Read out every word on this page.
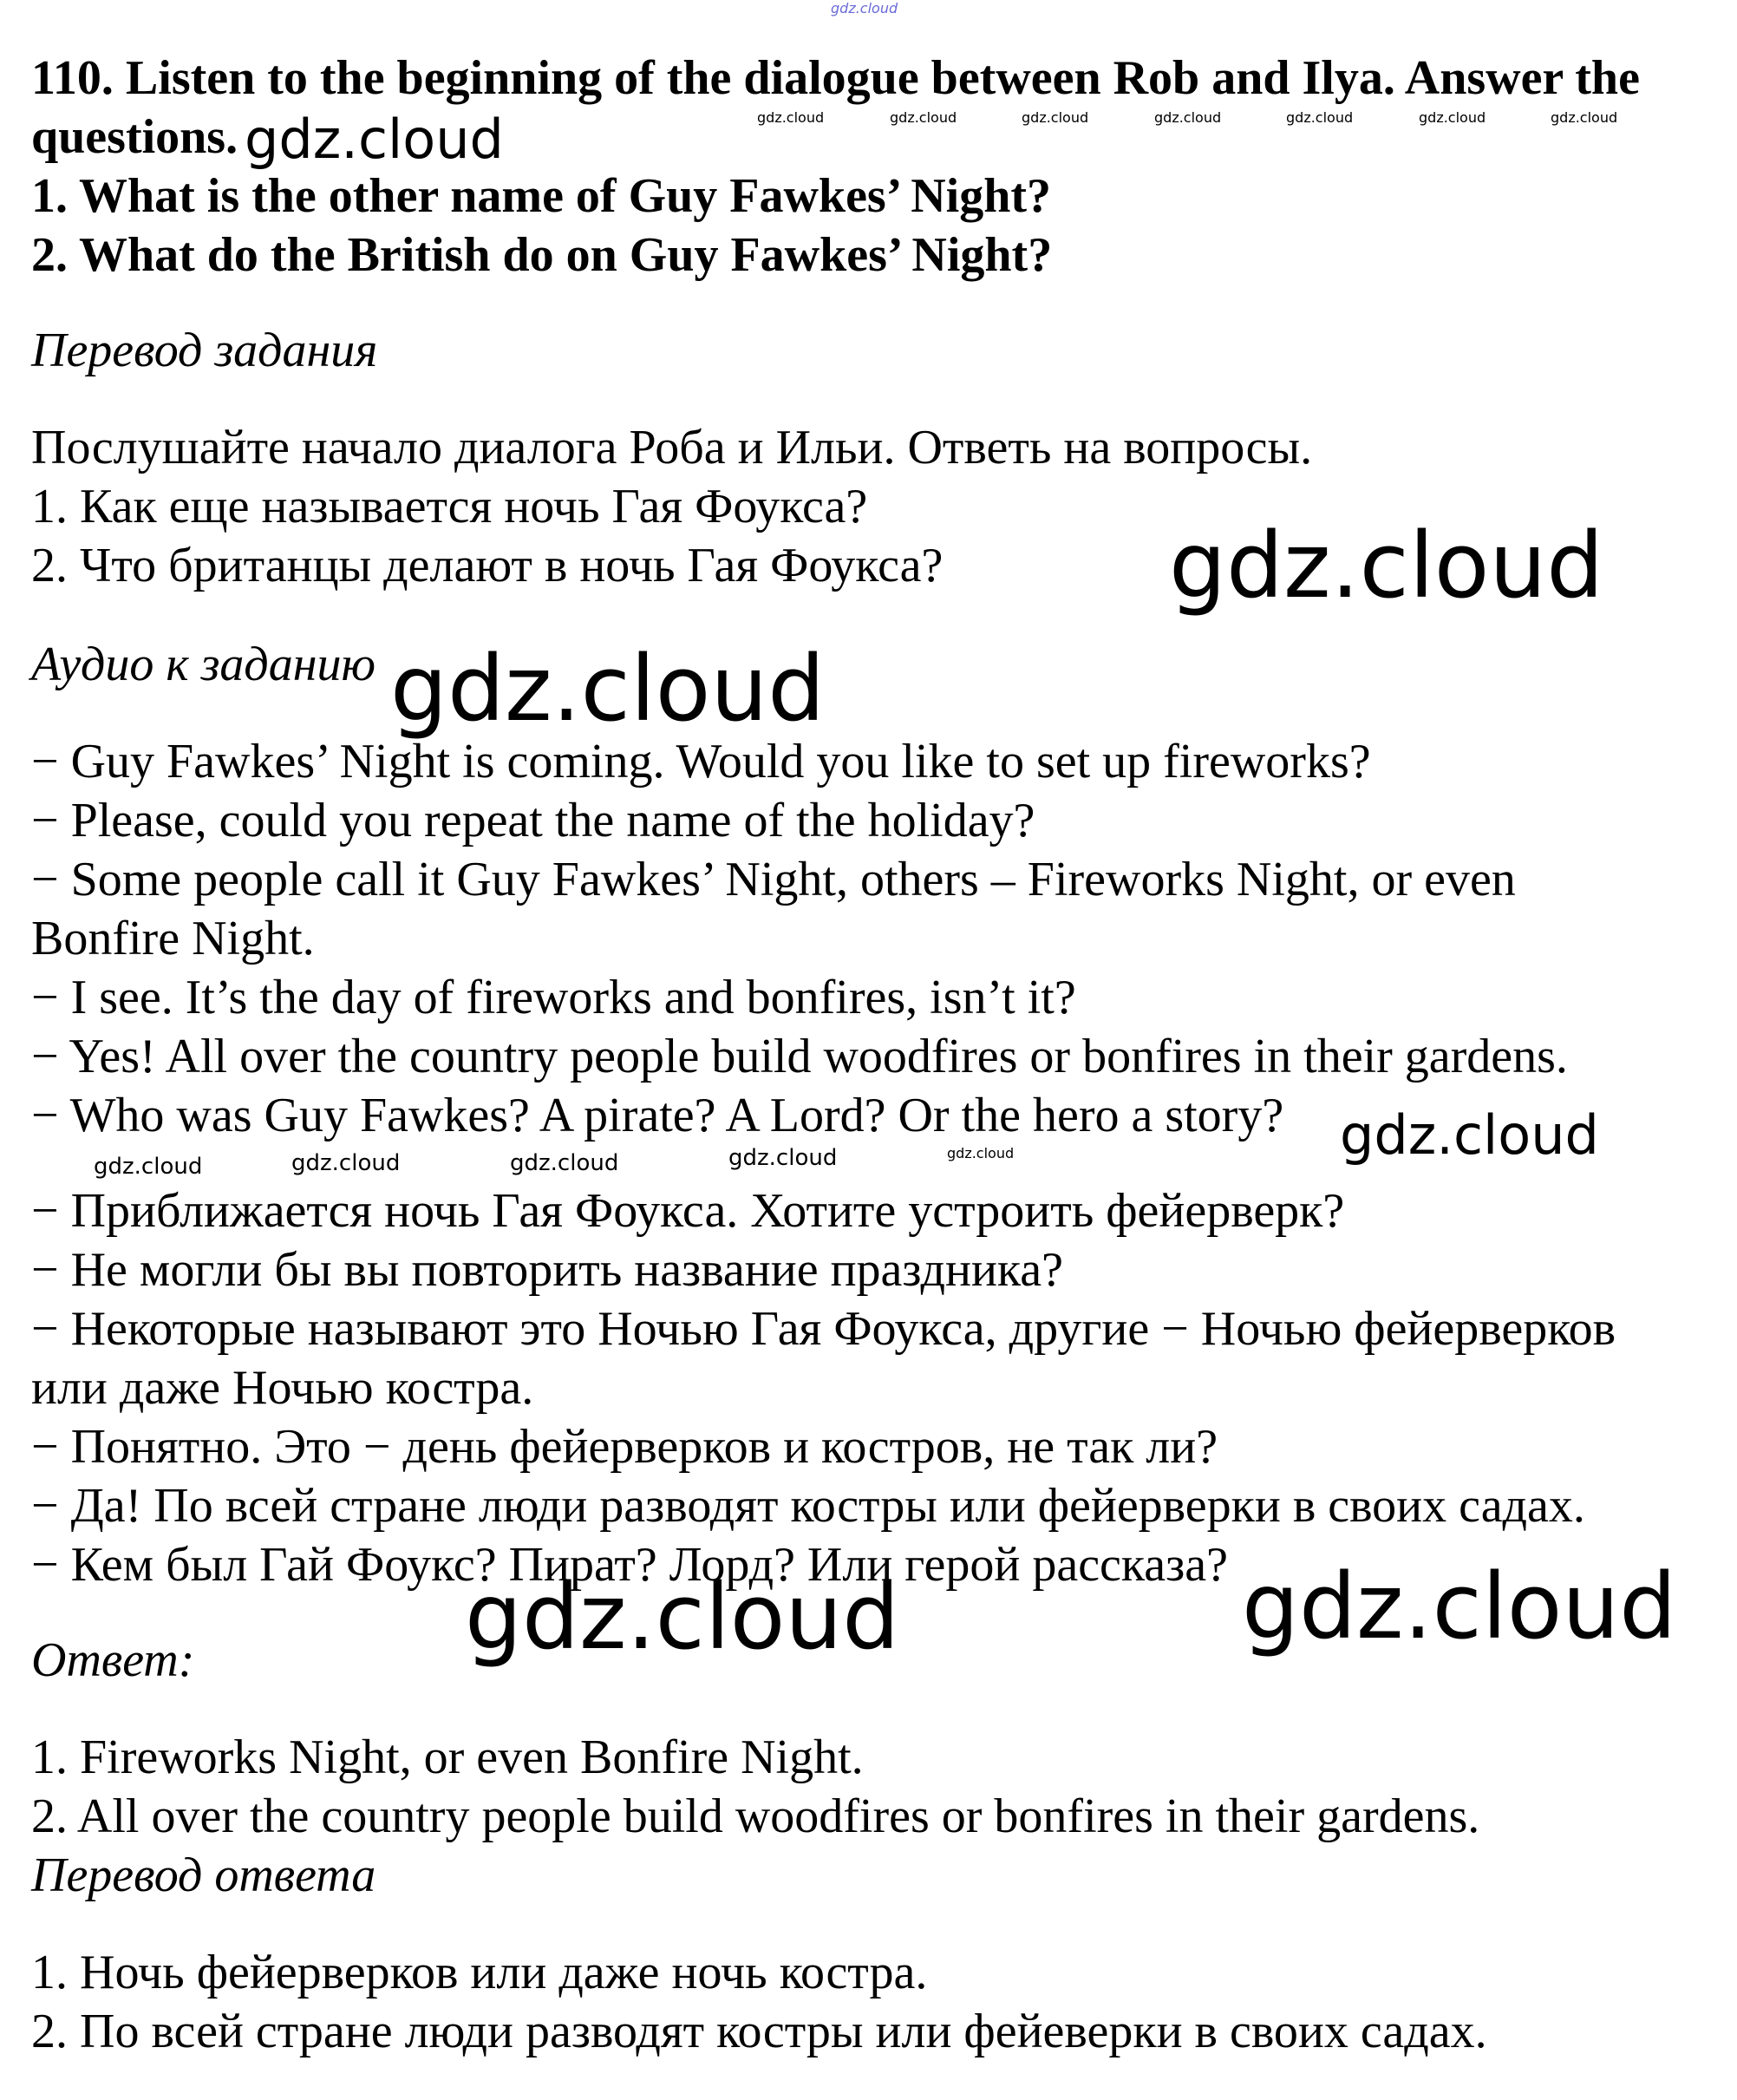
gdz.cloud
110. Listen to the beginning of the dialogue between Rob and Ilya. Answer the
questions.
1. What is the other name of Guy Fawkes’ Night?
2. What do the British do on Guy Fawkes’ Night?
gdz.cloud	gdz.cloud	gdz.cloud	gdz.cloud	gdz.cloud	gdz.cloud	gdz.cloud	gdz.cloud
Перевод задания
Послушайте начало диалога Роба и Ильи. Ответь на вопросы.
1. Как еще называется ночь Гая Фоукса?
2. Что британцы делают в ночь Гая Фоукса?	gdz.cloud
Аудио к заданию gdz.cloud
− Guy Fawkes’ Night is coming. Would you like to set up fireworks?
− Please, could you repeat the name of the holiday?
− Some people call it Guy Fawkes’ Night, others – Fireworks Night, or even
Bonfire Night.
− I see. It’s the day of fireworks and bonfires, isn’t it?
− Yes! All over the country people build woodfires or bonfires in their gardens.
− Who was Guy Fawkes? A pirate? A Lord? Or the hero a story? gdz.cloud
gdz.cloud	gdz.cloud	gdz.cloud	gdz.cloud	gdz.cloud
− Приближается ночь Гая Фоукса. Хотите устроить фейерверк?
− Не могли бы вы повторить название праздника?
− Некоторые называют это Ночью Гая Фоукса, другие − Ночью фейерверков
или даже Ночью костра.
− Понятно. Это − день фейерверков и костров, не так ли?
− Да! По всей стране люди разводят костры или фейерверки в своих садах.
− Кем был Гай Фоукс? Пират? Лорд? Или герой рассказа?
Ответ:	gdz.cloud	gdz.cloud
1. Fireworks Night, or even Bonfire Night.
2. All over the country people build woodfires or bonfires in their gardens.
Перевод ответа
1. Ночь фейерверков или даже ночь костра.
2. По всей стране люди разводят костры или фейеверки в своих садах.
